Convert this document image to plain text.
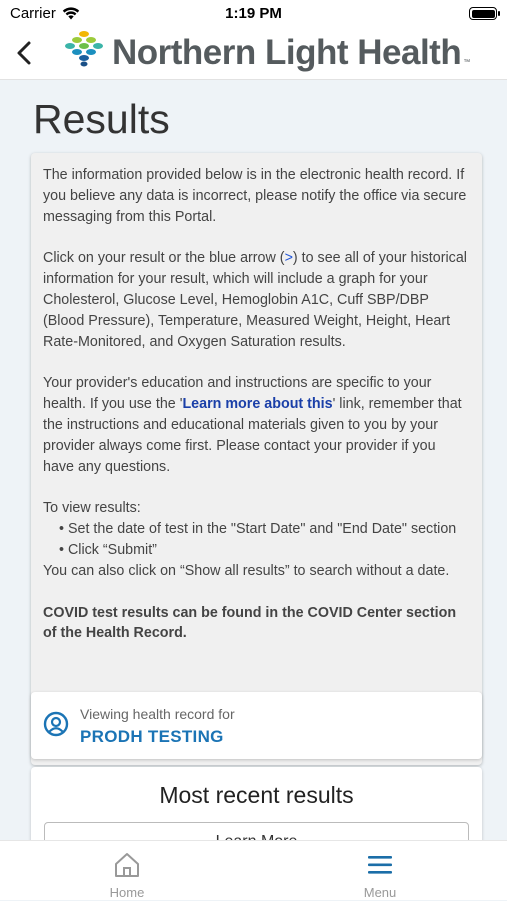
Carrier	1:19 PM
Northern Light Health ™
Results

The information provided below is in the electronic health record. If you believe any data is incorrect, please notify the office via secure messaging from this Portal.

Click on your result or the blue arrow (>) to see all of your historical information for your result, which will include a graph for your Cholesterol, Glucose Level, Hemoglobin A1C, Cuff SBP/DBP (Blood Pressure), Temperature, Measured Weight, Height, Heart Rate-Monitored, and Oxygen Saturation results.

Your provider's education and instructions are specific to your health. If you use the 'Learn more about this' link, remember that the instructions and educational materials given to you by your provider always come first. Please contact your provider if you have any questions.

To view results:

• Set the date of test in the "Start Date" and "End Date" section

• Click “Submit”

You can also click on “Show all results” to search without a date.

COVID test results can be found in the COVID Center section of the Health Record.

Viewing health record for
PRODH TESTING
Most recent results
Home	Menu
